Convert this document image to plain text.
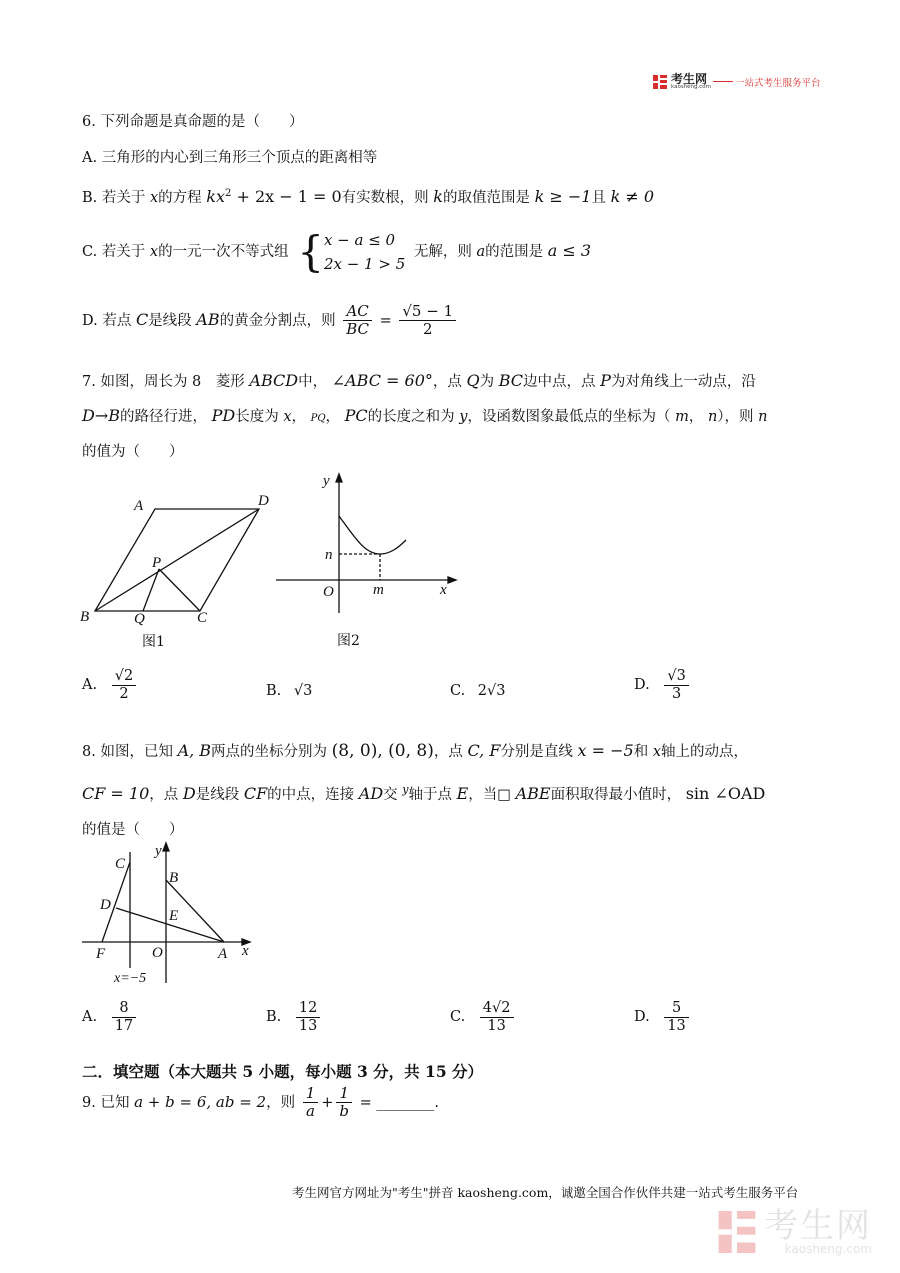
考生网
kaosheng.com	一站式考生服务平台
6. 下列命题是真命题的是（　　）
A. 三角形的内心到三角形三个顶点的距离相等
B. 若关于 x的方程 $kx^2 + 2x - 1 = 0$有实数根，则 k的取值范围是 k ≥ −1且 k ≠ 0
C. 若关于 x的一元一次不等式组 { x − a ≤ 0
2x − 1 > 5
无解，则 a的范围是 a ≤ 3
D. 若点 C是线段 AB的黄金分割点，则 $\frac{AC}{BC} = \frac{√5 - 1}{2}$
7. 如图，周长为 8　菱形 ABCD中， ∠ABC = 60°，点 Q为 BC边中点，点 P为对角线上一动点，沿
D→B的路径行进， PD长度为 x， PQ， PC的长度之和为 y，设函数图象最低点的坐标为（ m， n），则 n
的值为（　　）
A	D
P
B	Q	C
图1
y
n
O	m	x
图2
A. $\frac{√2}{2}$	B. √3	C. 2√3	D. $\frac{√3}{3}$
8. 如图，已知 A, B两点的坐标分别为 (8, 0), (0, 8)，点 C, F分别是直线 x = −5和 x轴上的动点，
CF = 10，点 D是线段 CF的中点，连接 AD交 $^y$轴于点 E，当□ ABE面积取得最小值时， sin ∠OAD
的值是（　　）
C
y
B
D
E
F	O	A x
x=−5
A. $\frac{8}{17}$	B. $\frac{12}{13}$	C. $\frac{4√2}{13}$	D. $\frac{5}{13}$
二．填空题（本大题共 5 小题，每小题 3 分，共 15 分）
9. 已知 a + b = 6, ab = 2，则 $\frac{1}{a} + \frac{1}{b}$ = ________.
考生网官方网址为"考生"拼音 kaosheng.com，诚邀全国合作伙伴共建一站式考生服务平台
考生网
kaosheng.com
